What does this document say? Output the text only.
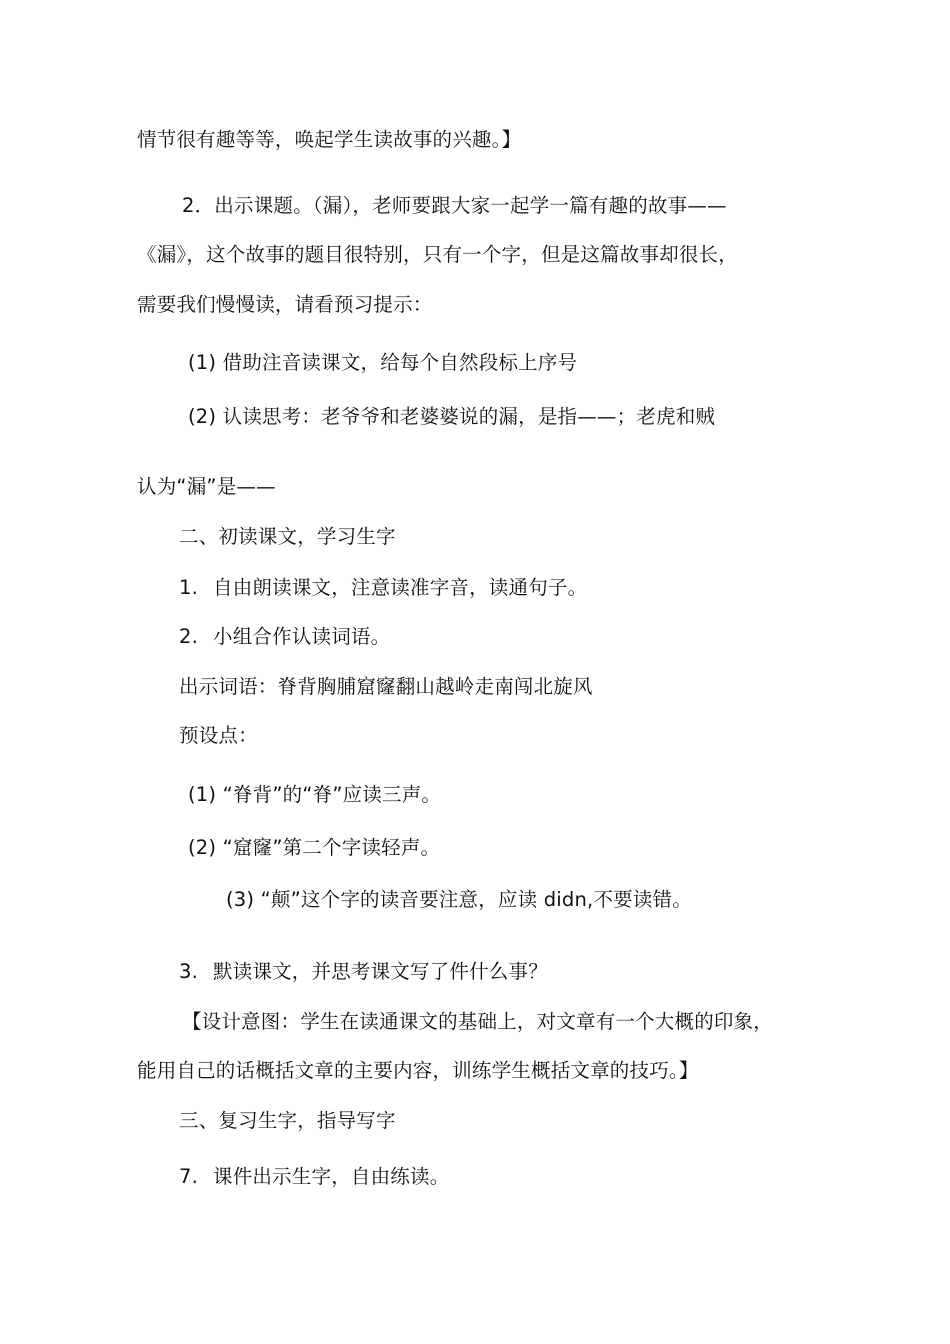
情节很有趣等等，唤起学生读故事的兴趣。】
2．出示课题。（漏），老师要跟大家一起学一篇有趣的故事——
《漏》，这个故事的题目很特别，只有一个字，但是这篇故事却很长，
需要我们慢慢读，请看预习提示：
(1) 借助注音读课文，给每个自然段标上序号
(2) 认读思考：老爷爷和老婆婆说的漏，是指——；老虎和贼
认为“漏”是——
二、初读课文，学习生字
1. 自由朗读课文，注意读准字音，读通句子。
2. 小组合作认读词语。
出示词语：脊背胸脯窟窿翻山越岭走南闯北旋风
预设点：
(1) “脊背”的“脊”应读三声。
(2) “窟窿”第二个字读轻声。
(3) “颠”这个字的读音要注意，应读 didn,不要读错。
3. 默读课文，并思考课文写了件什么事？
【设计意图：学生在读通课文的基础上，对文章有一个大概的印象，
能用自己的话概括文章的主要内容，训练学生概括文章的技巧。】
三、复习生字，指导写字
7. 课件出示生字，自由练读。
